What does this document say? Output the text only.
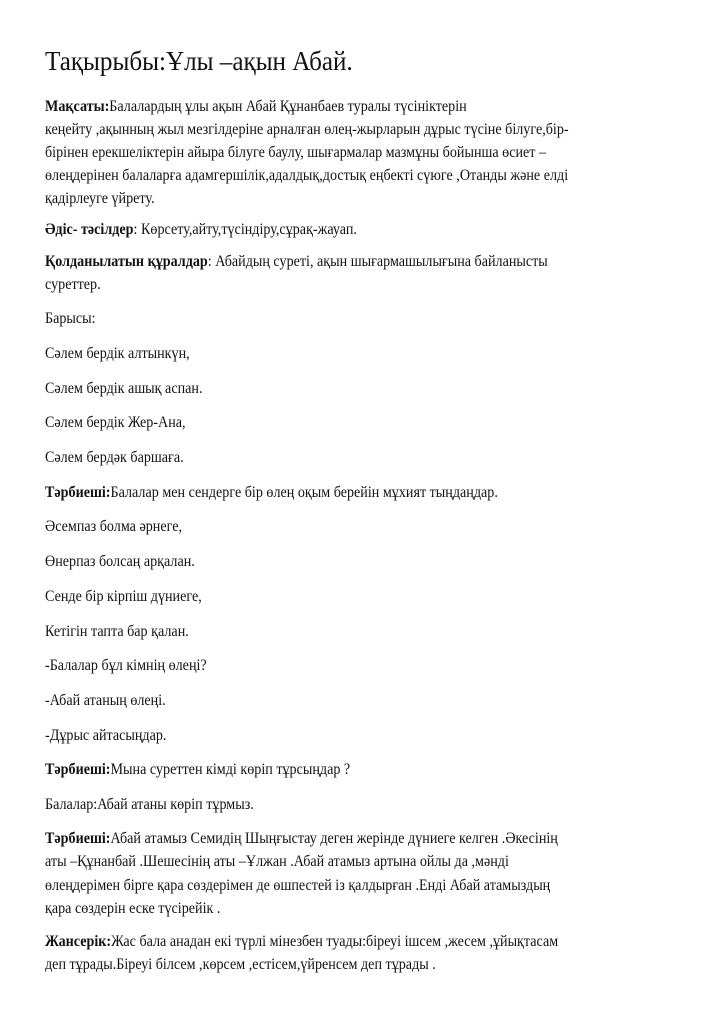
Тақырыбы:Ұлы –ақын Абай.
Мақсаты:Балалардың ұлы ақын Абай Құнанбаев туралы түсініктерін
кеңейту ,ақынның жыл мезгілдеріне арналған өлең-жырларын дұрыс түсіне білуге,бір-
бірінен ерекшеліктерін айыра білуге баулу, шығармалар мазмұны бойынша өсиет –
өлеңдерінен балаларға адамгершілік,адалдық,достық еңбекті сүюге ,Отанды және елді
қадірлеуге үйрету.
Әдіс- тәсілдер: Көрсету,айту,түсіндіру,сұрақ-жауап.
Қолданылатын құралдар: Абайдың суреті, ақын шығармашылығына байланысты
суреттер.
Барысы:
Сәлем бердік алтынкүн,
Сәлем бердік ашық аспан.
Сәлем бердік Жер-Ана,
Сәлем бердәк баршаға.
Тәрбиеші:Балалар мен сендерге бір өлең оқым берейін мұхият тыңдаңдар.
Әсемпаз болма әрнеге,
Өнерпаз болсаң арқалан.
Сенде бір кірпіш дүниеге,
Кетігін тапта бар қалан.
-Балалар бұл кімнің өлеңі?
-Абай атаның өлеңі.
-Дұрыс айтасыңдар.
Тәрбиеші:Мына суреттен кімді көріп тұрсыңдар ?
Балалар:Абай атаны көріп тұрмыз.
Тәрбиеші:Абай атамыз Семидің Шыңғыстау деген жерінде дүниеге келген .Әкесінің
аты –Құнанбай .Шешесінің аты –Ұлжан .Абай атамыз артына ойлы да ,мәнді
өлеңдерімен бірге қара сөздерімен де өшпестей із қалдырған .Енді Абай атамыздың
қара сөздерін еске түсірейік .
Жансерік:Жас бала анадан екі түрлі мінезбен туады:біреуі ішсем ,жесем ,ұйықтасам
деп тұрады.Біреуі білсем ,көрсем ,естісем,үйренсем деп тұрады .
